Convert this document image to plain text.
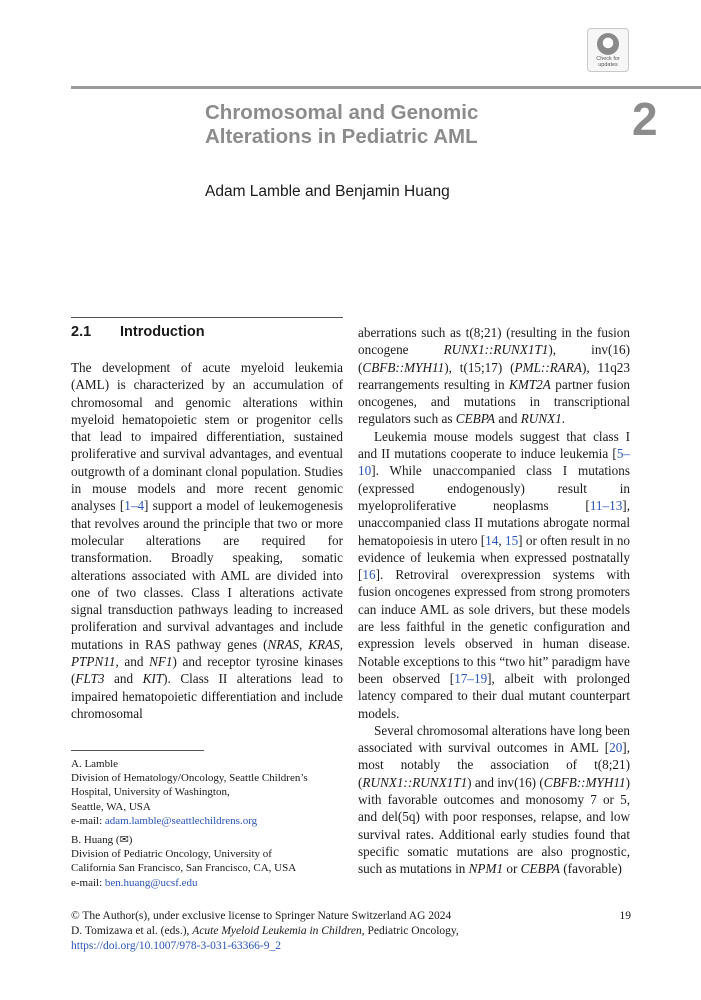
Check for
updates
Chromosomal and Genomic
Alterations in Pediatric AML	2
Adam Lamble and Benjamin Huang
2.1 Introduction

The development of acute myeloid leukemia (AML) is characterized by an accumulation of chromosomal and genomic alterations within myeloid hematopoietic stem or progenitor cells that lead to impaired differentiation, sustained proliferative and survival advantages, and eventual outgrowth of a dominant clonal population. Studies in mouse models and more recent genomic analyses [1–4] support a model of leukemogenesis that revolves around the principle that two or more molecular alterations are required for transformation. Broadly speaking, somatic alterations associated with AML are divided into one of two classes. Class I alterations activate signal transduction pathways leading to increased proliferation and survival advantages and include mutations in RAS pathway genes (NRAS, KRAS, PTPN11, and NF1) and receptor tyrosine kinases (FLT3 and KIT). Class II alterations lead to impaired hematopoietic differentiation and include chromosomal

aberrations such as t(8;21) (resulting in the fusion oncogene RUNX1::RUNX1T1), inv(16) (CBFB::MYH11), t(15;17) (PML::RARA), 11q23 rearrangements resulting in KMT2A partner fusion oncogenes, and mutations in transcriptional regulators such as CEBPA and RUNX1.

Leukemia mouse models suggest that class I and II mutations cooperate to induce leukemia [5–10]. While unaccompanied class I mutations (expressed endogenously) result in myeloproliferative neoplasms [11–13], unaccompanied class II mutations abrogate normal hematopoiesis in utero [14, 15] or often result in no evidence of leukemia when expressed postnatally [16]. Retroviral overexpression systems with fusion oncogenes expressed from strong promoters can induce AML as sole drivers, but these models are less faithful in the genetic configuration and expression levels observed in human disease. Notable exceptions to this “two hit” paradigm have been observed [17–19], albeit with prolonged latency compared to their dual mutant counterpart models.

Several chromosomal alterations have long been associated with survival outcomes in AML [20], most notably the association of t(8;21) (RUNX1::RUNX1T1) and inv(16) (CBFB::MYH11) with favorable outcomes and monosomy 7 or 5, and del(5q) with poor responses, relapse, and low survival rates. Additional early studies found that specific somatic mutations are also prognostic, such as mutations in NPM1 or CEBPA (favorable)

A. Lamble
Division of Hematology/Oncology, Seattle Children’s
Hospital, University of Washington,
Seattle, WA, USA
e-mail: adam.lamble@seattlechildrens.org
B. Huang (✉)
Division of Pediatric Oncology, University of
California San Francisco, San Francisco, CA, USA
e-mail: ben.huang@ucsf.edu
© The Author(s), under exclusive license to Springer Nature Switzerland AG 2024
D. Tomizawa et al. (eds.), Acute Myeloid Leukemia in Children, Pediatric Oncology,
https://doi.org/10.1007/978-3-031-63366-9_2
19
